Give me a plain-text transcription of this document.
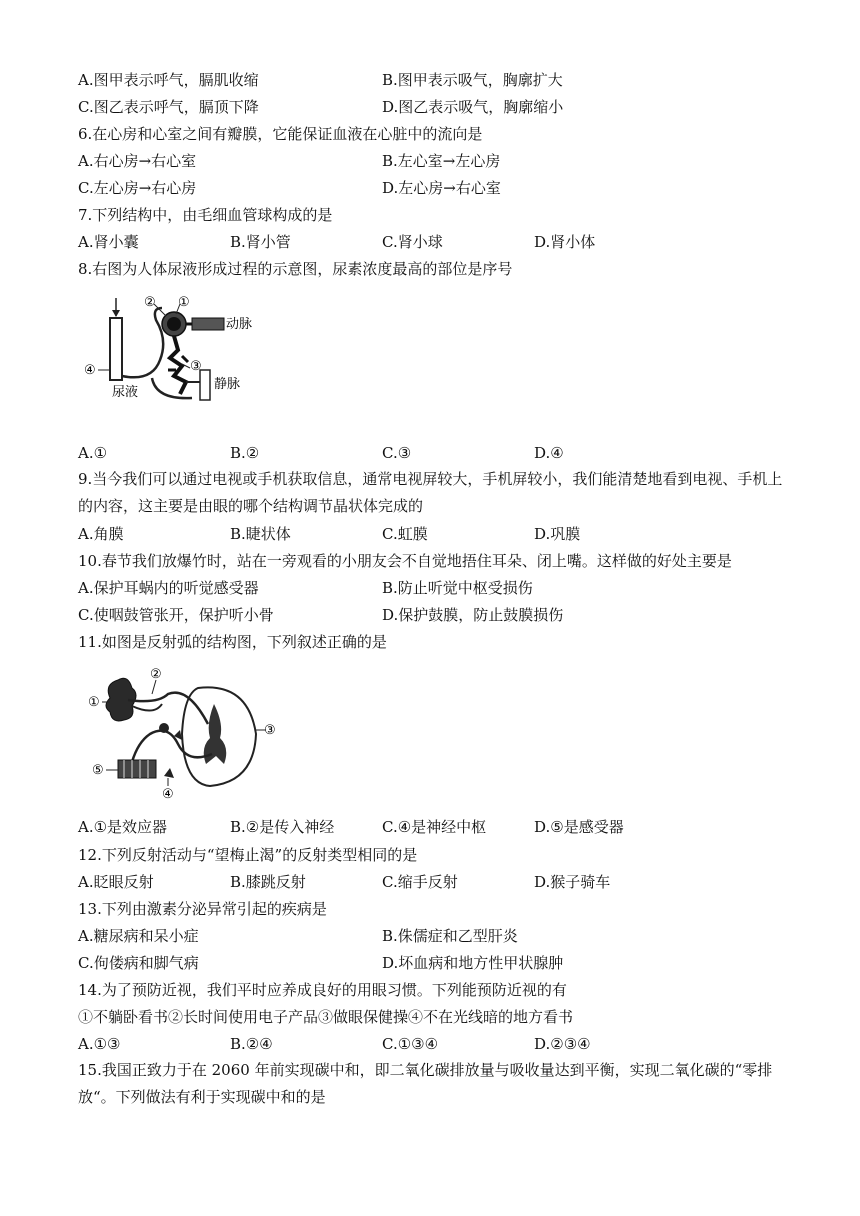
A.图甲表示呼气，膈肌收缩	B.图甲表示吸气，胸廓扩大
C.图乙表示呼气，膈顶下降	D.图乙表示吸气，胸廓缩小
6.在心房和心室之间有瓣膜，它能保证血液在心脏中的流向是
A.右心房→右心室	B.左心室→左心房
C.左心房→右心房	D.左心房→右心室
7.下列结构中，由毛细血管球构成的是
A.肾小囊	B.肾小管	C.肾小球	D.肾小体
8.右图为人体尿液形成过程的示意图，尿素浓度最高的部位是序号
② ①
动脉
③
④
尿液
静脉
A.①	B.②	C.③	D.④
9.当今我们可以通过电视或手机获取信息，通常电视屏较大，手机屏较小，我们能清楚地看到电视、手机上的内容，这主要是由眼的哪个结构调节晶状体完成的
A.角膜	B.睫状体	C.虹膜	D.巩膜
10.春节我们放爆竹时，站在一旁观看的小朋友会不自觉地捂住耳朵、闭上嘴。这样做的好处主要是
A.保护耳蜗内的听觉感受器	B.防止听觉中枢受损伤
C.使咽鼓管张开，保护听小骨	D.保护鼓膜，防止鼓膜损伤
11.如图是反射弧的结构图，下列叙述正确的是
①
②
③
④
⑤
A.①是效应器	B.②是传入神经	C.④是神经中枢	D.⑤是感受器
12.下列反射活动与“望梅止渴”的反射类型相同的是
A.眨眼反射	B.膝跳反射	C.缩手反射	D.猴子骑车
13.下列由激素分泌异常引起的疾病是
A.糖尿病和呆小症	B.侏儒症和乙型肝炎
C.佝偻病和脚气病	D.坏血病和地方性甲状腺肿
14.为了预防近视，我们平时应养成良好的用眼习惯。下列能预防近视的有
①不躺卧看书②长时间使用电子产品③做眼保健操④不在光线暗的地方看书
A.①③	B.②④	C.①③④	D.②③④
15.我国正致力于在 2060 年前实现碳中和，即二氧化碳排放量与吸收量达到平衡，实现二氧化碳的“零排放“。下列做法有利于实现碳中和的是
